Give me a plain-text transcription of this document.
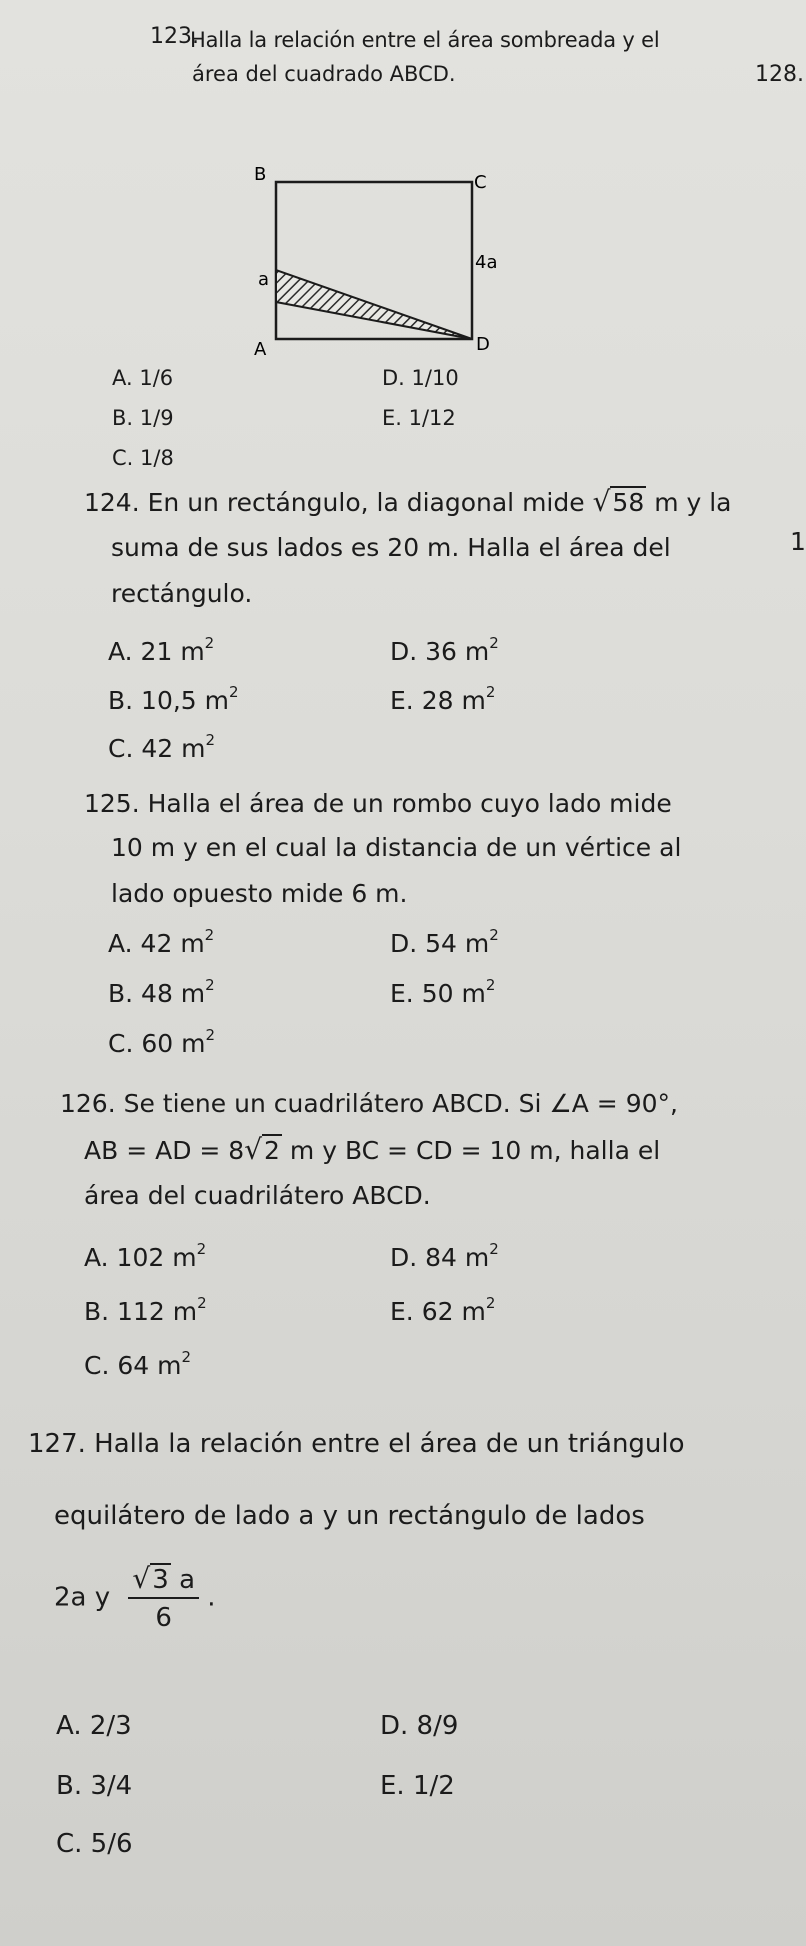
123.
Halla la relación entre el área sombreada y el
área del cuadrado ABCD.	128.
B	C
A	D
a
4a
A. 1/6
B. 1/9
C. 1/8
D. 1/10
E. 1/12
124. En un rectángulo, la diagonal mide √58 m y la
1
suma de sus lados es 20 m. Halla el área del
rectángulo.
A. 21 $m^2$
B. 10,5 $m^2$
C. 42 $m^2$
D. 36 $m^2$
E. 28 $m^2$
125. Halla el área de un rombo cuyo lado mide
10 m y en el cual la distancia de un vértice al
lado opuesto mide 6 m.
A. 42 $m^2$
B. 48 $m^2$
C. 60 $m^2$
D. 54 $m^2$
E. 50 $m^2$
126. Se tiene un cuadrilátero ABCD. Si ∠A = 90°,
AB = AD = 8√2 m y BC = CD = 10 m, halla el
área del cuadrilátero ABCD.
A. 102 $m^2$
B. 112 $m^2$
C. 64 $m^2$
D. 84 $m^2$
E. 62 $m^2$
127. Halla la relación entre el área de un triángulo
equilátero de lado a y un rectángulo de lados
2a y $\frac{√3 a}{6}$ .
A. 2/3
B. 3/4
C. 5/6
D. 8/9
E. 1/2
